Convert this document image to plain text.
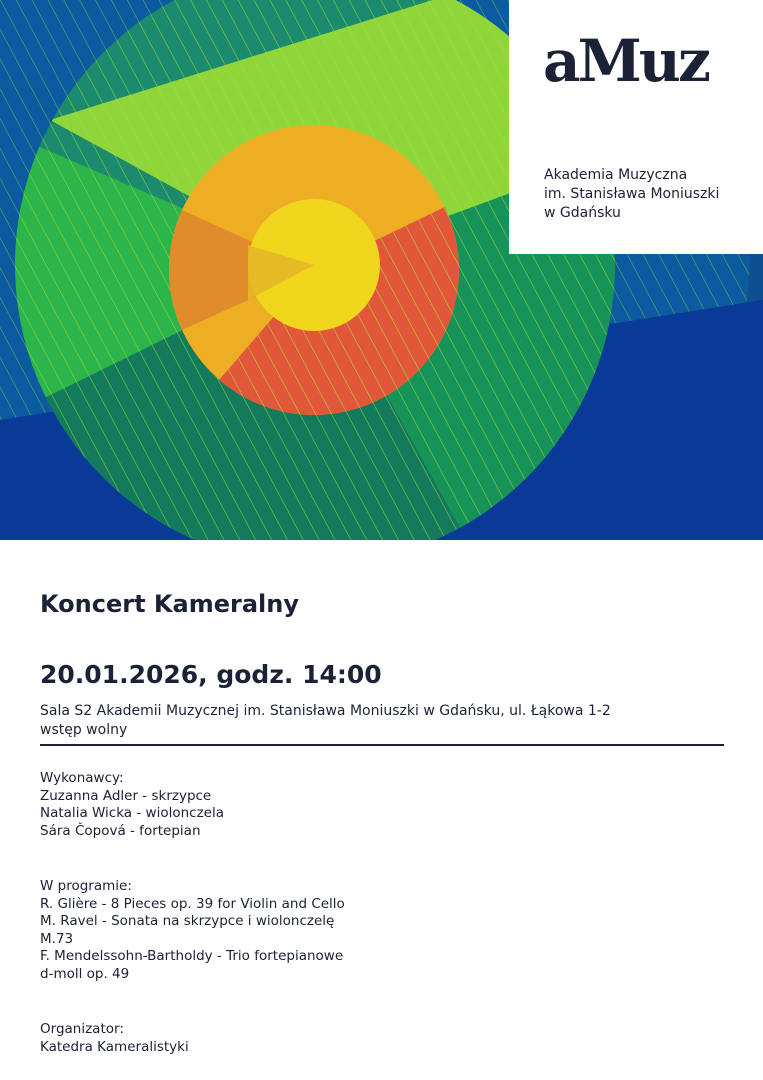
aMuz
Akademia Muzyczna
im. Stanisława Moniuszki
w Gdańsku
Koncert Kameralny
20.01.2026, godz. 14:00
Sala S2 Akademii Muzycznej im. Stanisława Moniuszki w Gdańsku, ul. Łąkowa 1-2
wstęp wolny
Wykonawcy:
Zuzanna Adler - skrzypce
Natalia Wicka - wiolonczela
Sára Čopová - fortepian
W programie:
R. Glière - 8 Pieces op. 39 for Violin and Cello
M. Ravel - Sonata na skrzypce i wiolonczelę
M.73
F. Mendelssohn-Bartholdy - Trio fortepianowe
d-moll op. 49
Organizator:
Katedra Kameralistyki
